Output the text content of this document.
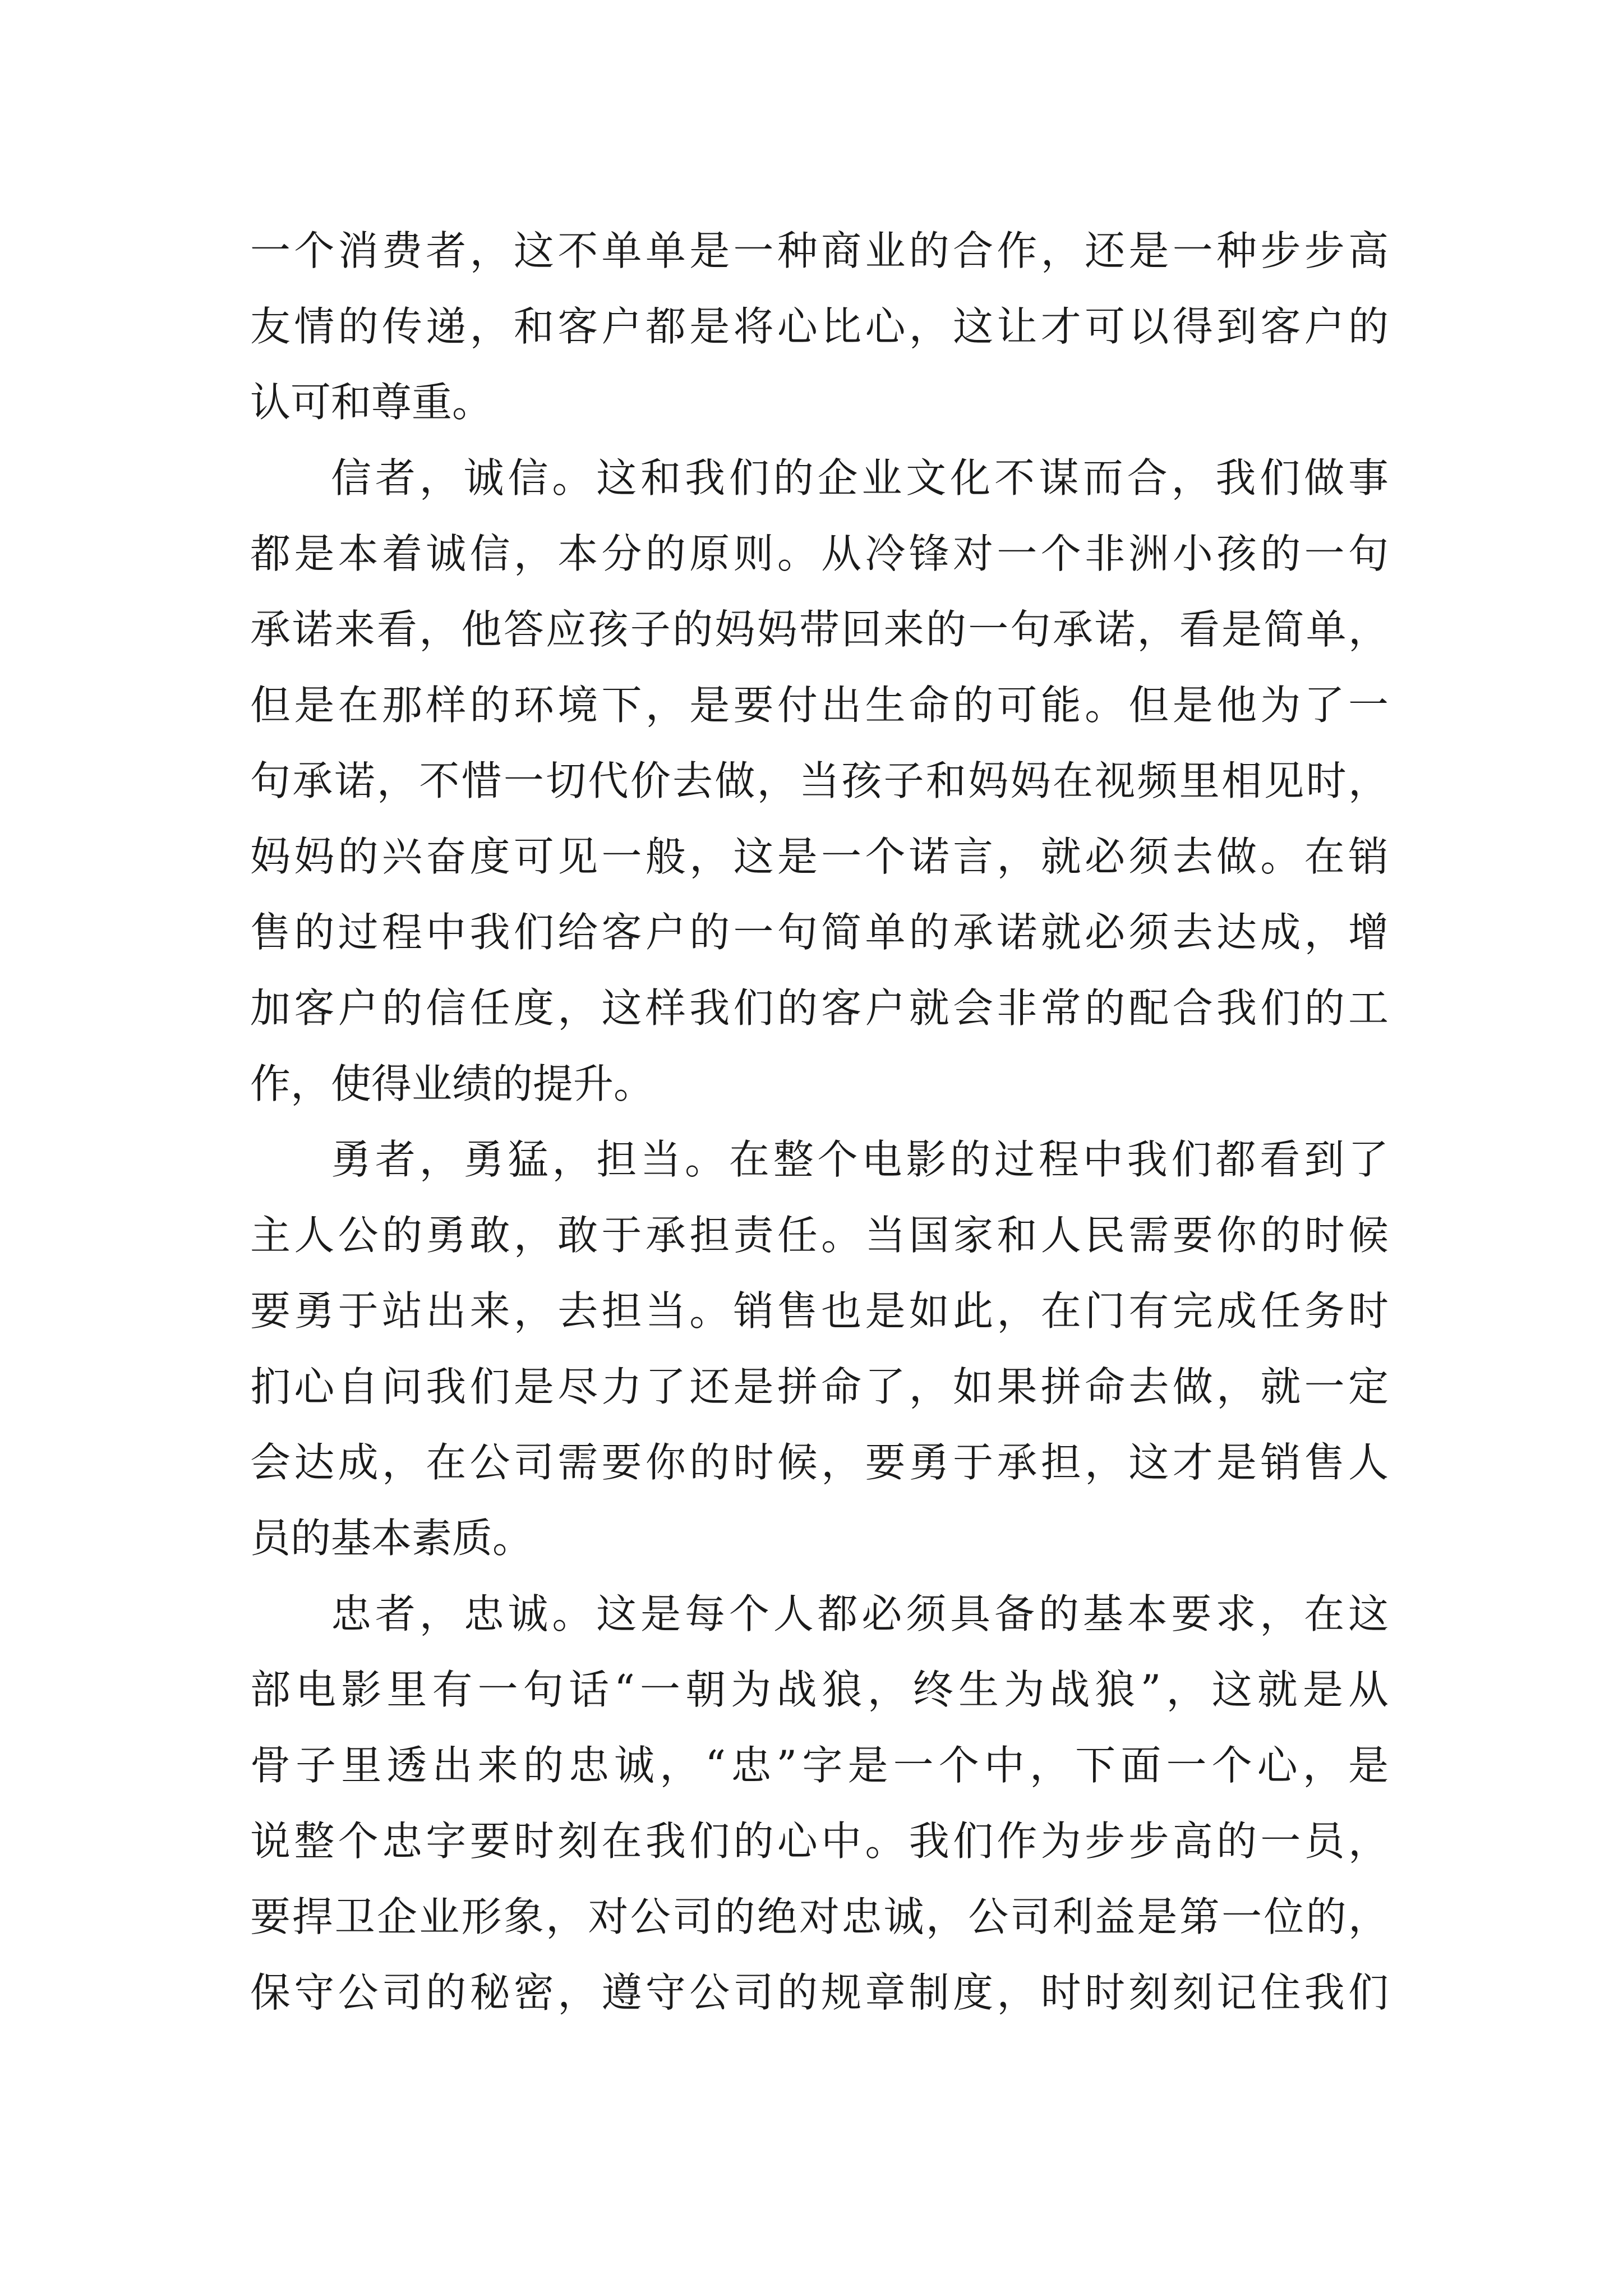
一个消费者，这不单单是一种商业的合作，还是一种步步高
友情的传递，和客户都是将心比心，这让才可以得到客户的
认可和尊重。
信者，诚信。这和我们的企业文化不谋而合，我们做事
都是本着诚信，本分的原则。从冷锋对一个非洲小孩的一句
承诺来看，他答应孩子的妈妈带回来的一句承诺，看是简单，
但是在那样的环境下，是要付出生命的可能。但是他为了一
句承诺，不惜一切代价去做，当孩子和妈妈在视频里相见时，
妈妈的兴奋度可见一般，这是一个诺言，就必须去做。在销
售的过程中我们给客户的一句简单的承诺就必须去达成，增
加客户的信任度，这样我们的客户就会非常的配合我们的工
作，使得业绩的提升。
勇者，勇猛，担当。在整个电影的过程中我们都看到了
主人公的勇敢，敢于承担责任。当国家和人民需要你的时候
要勇于站出来，去担当。销售也是如此，在门有完成任务时
扪心自问我们是尽力了还是拼命了，如果拼命去做，就一定
会达成，在公司需要你的时候，要勇于承担，这才是销售人
员的基本素质。
忠者，忠诚。这是每个人都必须具备的基本要求，在这
部电影里有一句话“一朝为战狼，终生为战狼”，这就是从
骨子里透出来的忠诚，“忠”字是一个中，下面一个心，是
说整个忠字要时刻在我们的心中。我们作为步步高的一员，
要捍卫企业形象，对公司的绝对忠诚，公司利益是第一位的，
保守公司的秘密，遵守公司的规章制度，时时刻刻记住我们
